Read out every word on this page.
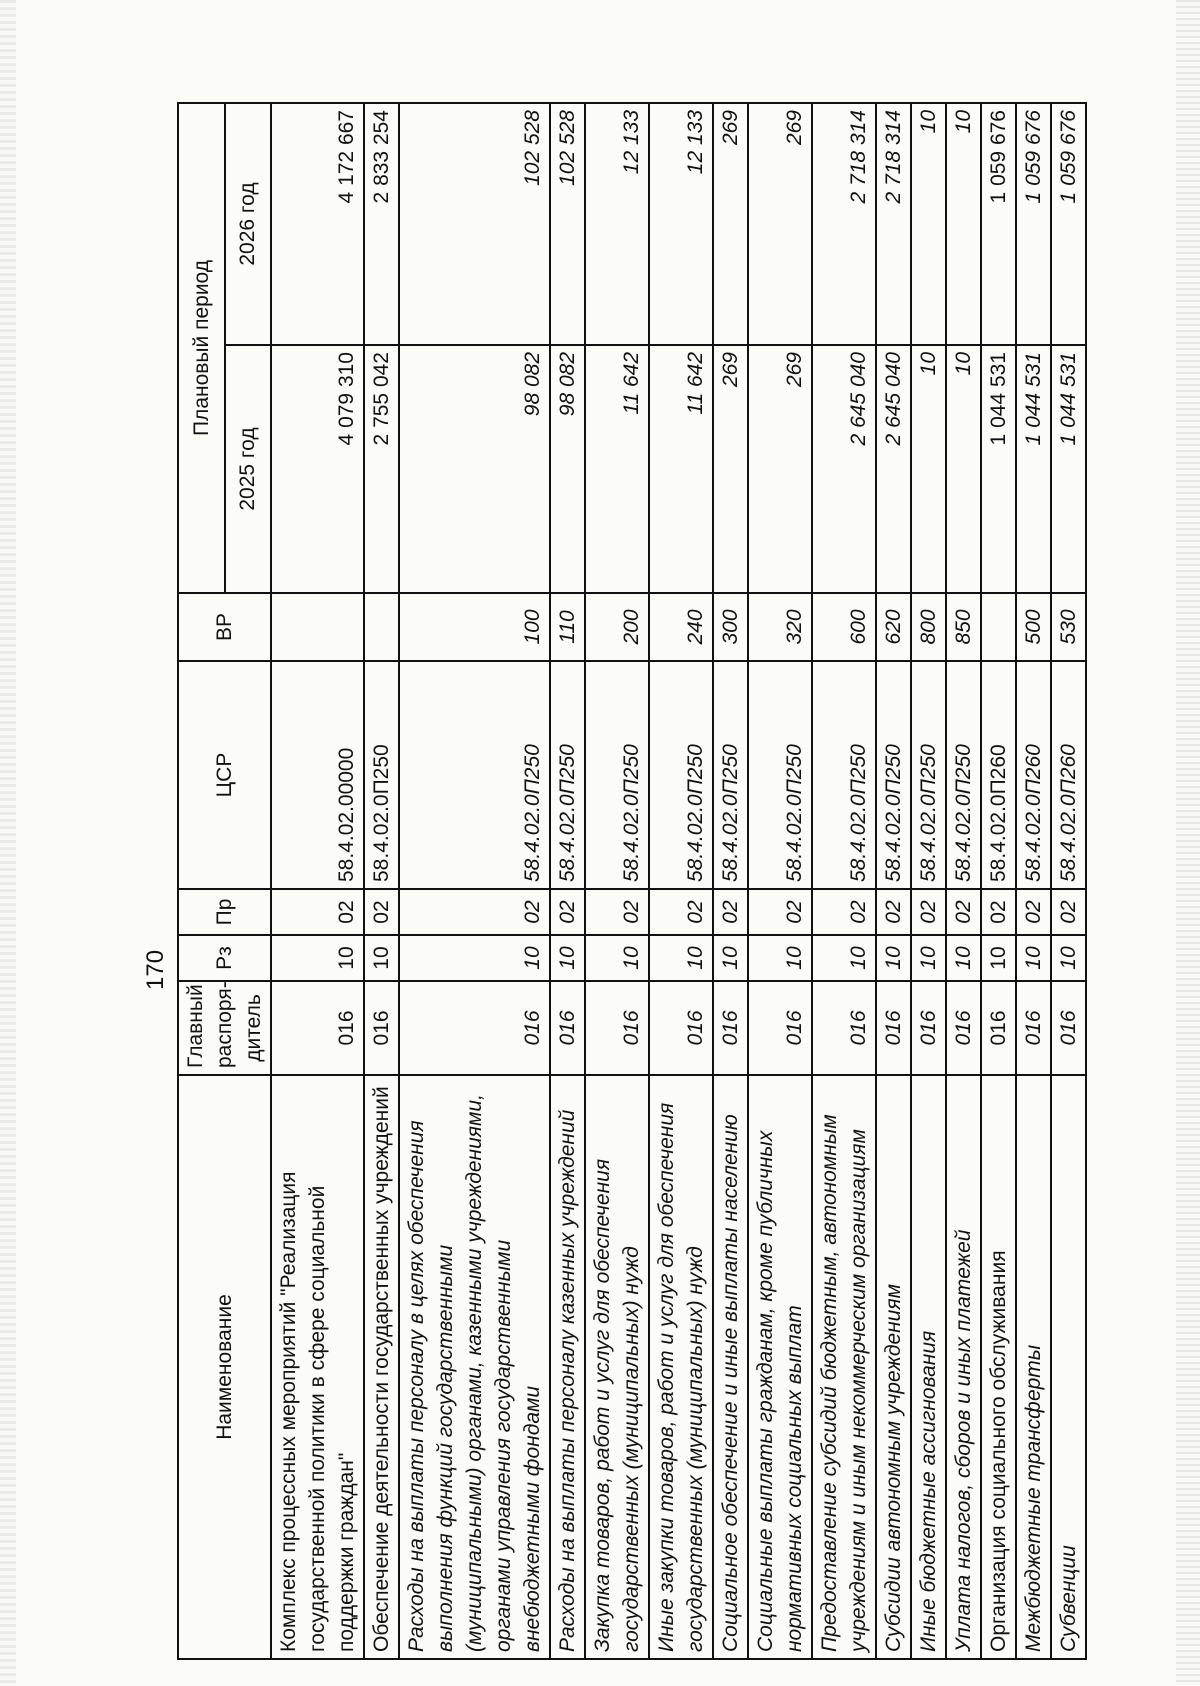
170
Наименование	Главный распоря-дитель	Рз	Пр	ЦСР	ВР	Плановый период	
						2025 год	2026 год
Комплекс процессных мероприятий "Реализация государственной политики в сфере социальной поддержки граждан"	016	10	02	58.4.02.00000		4 079 310	4 172 667
Обеспечение деятельности государственных учреждений	016	10	02	58.4.02.0П250		2 755 042	2 833 254
Расходы на выплаты персоналу в целях обеспечения выполнения функций государственными (муниципальными) органами, казенными учреждениями, органами управления государственными внебюджетными фондами	016	10	02	58.4.02.0П250	100	98 082	102 528
Расходы на выплаты персоналу казенных учреждений	016	10	02	58.4.02.0П250	110	98 082	102 528
Закупка товаров, работ и услуг для обеспечения государственных (муниципальных) нужд	016	10	02	58.4.02.0П250	200	11 642	12 133
Иные закупки товаров, работ и услуг для обеспечения государственных (муниципальных) нужд	016	10	02	58.4.02.0П250	240	11 642	12 133
Социальное обеспечение и иные выплаты населению	016	10	02	58.4.02.0П250	300	269	269
Социальные выплаты гражданам, кроме публичных нормативных социальных выплат	016	10	02	58.4.02.0П250	320	269	269
Предоставление субсидий бюджетным, автономным учреждениям и иным некоммерческим организациям	016	10	02	58.4.02.0П250	600	2 645 040	2 718 314
Субсидии автономным учреждениям	016	10	02	58.4.02.0П250	620	2 645 040	2 718 314
Иные бюджетные ассигнования	016	10	02	58.4.02.0П250	800	10	10
Уплата налогов, сборов и иных платежей	016	10	02	58.4.02.0П250	850	10	10
Организация социального обслуживания	016	10	02	58.4.02.0П260		1 044 531	1 059 676
Межбюджетные трансферты	016	10	02	58.4.02.0П260	500	1 044 531	1 059 676
Субвенции	016	10	02	58.4.02.0П260	530	1 044 531	1 059 676
